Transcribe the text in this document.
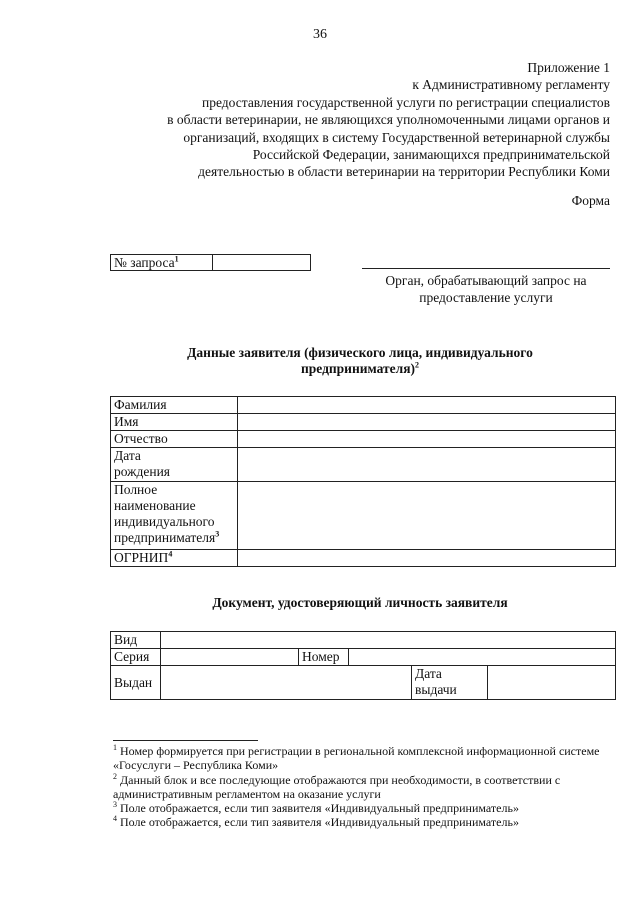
36
Приложение 1
к Административному регламенту
предоставления государственной услуги по регистрации специалистов
в области ветеринарии, не являющихся уполномоченными лицами органов и
организаций, входящих в систему Государственной ветеринарной службы
Российской Федерации, занимающихся предпринимательской
деятельностью в области ветеринарии на территории Республики Коми
Форма
№ запроса$^1$	
Орган, обрабатывающий запрос на
предоставление услуги
Данные заявителя (физического лица, индивидуального
предпринимателя)$^2$
Фамилия	
Имя	
Отчество	

Дата
рождения	

Полное
наименование
индивидуального
предпринимателя$^3$

ОГРНИП$^4$	
Документ, удостоверяющий личность заявителя
Вид					
Серия		Номер			
Выдан				Дата
выдачи	

$^1$ Номер формируется при регистрации в региональной комплексной информационной системе «Госуслуги – Республика Коми»

$^2$ Данный блок и все последующие отображаются при необходимости, в соответствии с административным регламентом на оказание услуги

$^3$ Поле отображается, если тип заявителя «Индивидуальный предприниматель»

$^4$ Поле отображается, если тип заявителя «Индивидуальный предприниматель»
